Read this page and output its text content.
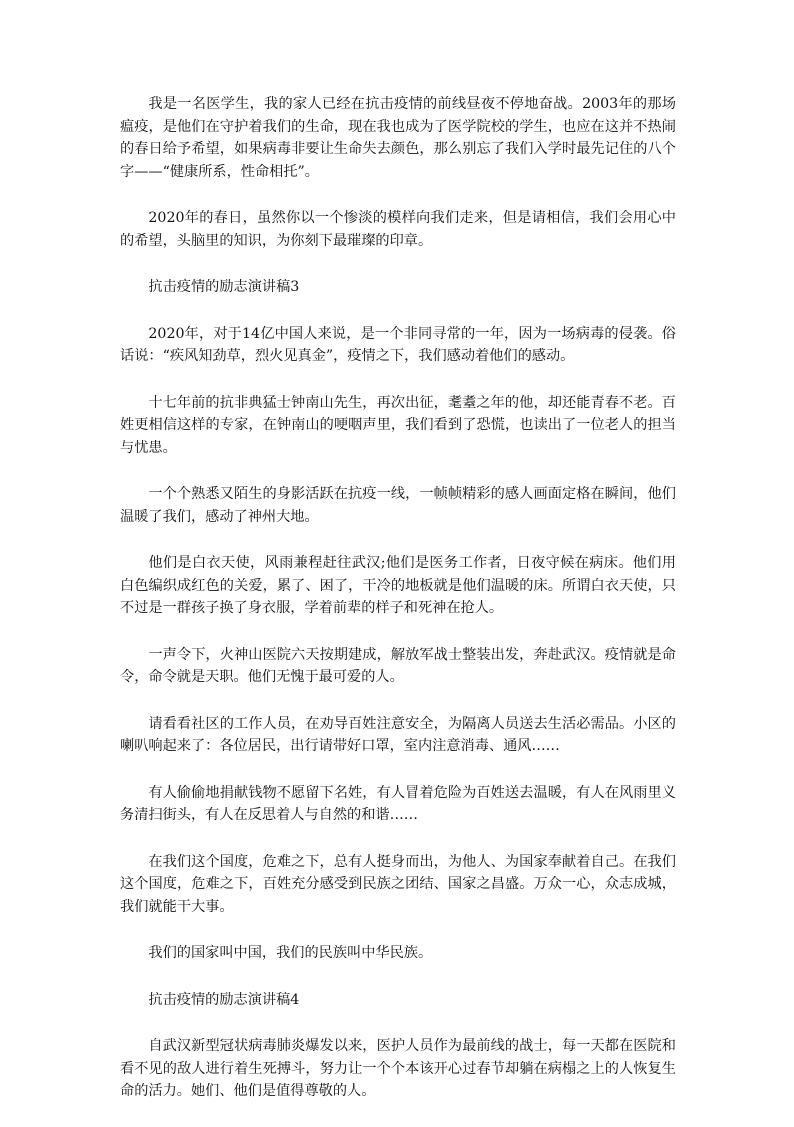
我是一名医学生，我的家人已经在抗击疫情的前线昼夜不停地奋战。2003年的那场瘟疫，是他们在守护着我们的生命，现在我也成为了医学院校的学生，也应在这并不热闹的春日给予希望，如果病毒非要让生命失去颜色，那么别忘了我们入学时最先记住的八个字——“健康所系，性命相托”。

2020年的春日，虽然你以一个惨淡的模样向我们走来，但是请相信，我们会用心中的希望，头脑里的知识，为你刻下最璀璨的印章。

抗击疫情的励志演讲稿3

2020年，对于14亿中国人来说，是一个非同寻常的一年，因为一场病毒的侵袭。俗话说：“疾风知劲草，烈火见真金”，疫情之下，我们感动着他们的感动。

十七年前的抗非典猛士钟南山先生，再次出征，耄耋之年的他，却还能青春不老。百姓更相信这样的专家，在钟南山的哽咽声里，我们看到了恐慌，也读出了一位老人的担当与忧患。

一个个熟悉又陌生的身影活跃在抗疫一线，一帧帧精彩的感人画面定格在瞬间，他们温暖了我们，感动了神州大地。

他们是白衣天使，风雨兼程赶往武汉;他们是医务工作者，日夜守候在病床。他们用白色编织成红色的关爱，累了、困了，干冷的地板就是他们温暖的床。所谓白衣天使，只不过是一群孩子换了身衣服，学着前辈的样子和死神在抢人。

一声令下，火神山医院六天按期建成，解放军战士整装出发，奔赴武汉。疫情就是命令，命令就是天职。他们无愧于最可爱的人。

请看看社区的工作人员，在劝导百姓注意安全，为隔离人员送去生活必需品。小区的喇叭响起来了：各位居民，出行请带好口罩，室内注意消毒、通风……

有人偷偷地捐献钱物不愿留下名姓，有人冒着危险为百姓送去温暖，有人在风雨里义务清扫街头，有人在反思着人与自然的和谐……

在我们这个国度，危难之下，总有人挺身而出，为他人、为国家奉献着自己。在我们这个国度，危难之下，百姓充分感受到民族之团结、国家之昌盛。万众一心，众志成城，我们就能干大事。

我们的国家叫中国，我们的民族叫中华民族。

抗击疫情的励志演讲稿4

自武汉新型冠状病毒肺炎爆发以来，医护人员作为最前线的战士，每一天都在医院和看不见的敌人进行着生死搏斗，努力让一个个本该开心过春节却躺在病榻之上的人恢复生命的活力。她们、他们是值得尊敬的人。
